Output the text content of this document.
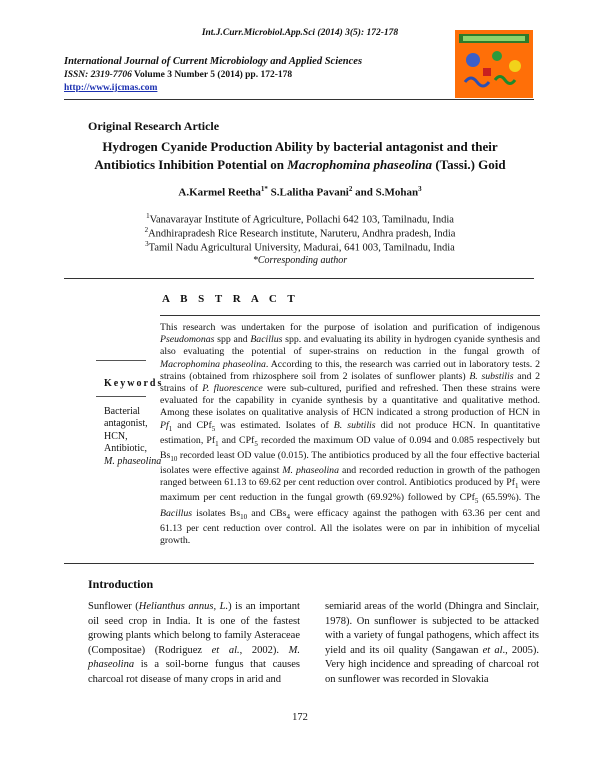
Int.J.Curr.Microbiol.App.Sci (2014) 3(5): 172-178
International Journal of Current Microbiology and Applied Sciences
ISSN: 2319-7706 Volume 3 Number 5 (2014) pp. 172-178
http://www.ijcmas.com
Original Research Article
Hydrogen Cyanide Production Ability by bacterial antagonist and their
Antibiotics Inhibition Potential on Macrophomina phaseolina (Tassi.) Goid
A.Karmel Reetha$^{1*}$ S.Lalitha Pavani$^2$ and S.Mohan$^3$
$^1$Vanavarayar Institute of Agriculture, Pollachi 642 103, Tamilnadu, India
$^2$Andhirapradesh Rice Research institute, Naruteru, Andhra pradesh, India
$^3$Tamil Nadu Agricultural University, Madurai, 641 003, Tamilnadu, India
*Corresponding author
A B S T R A C T
Keywords
Bacterial
antagonist,
HCN,
Antibiotic,
M. phaseolina
This research was undertaken for the purpose of isolation and purification of indigenous Pseudomonas spp and Bacillus spp. and evaluating its ability in hydrogen cyanide synthesis and also evaluating the potential of super-strains on reduction in the fungal growth of Macrophomina phaseolina. According to this, the research was carried out in laboratory tests. 2 strains (obtained from rhizosphere soil from 2 isolates of sunflower plants) B. substilis and 2 strains of P. fluorescence were sub-cultured, purified and refreshed. Then these strains were evaluated for the capability in cyanide synthesis by a quantitative and qualitative method. Among these isolates on qualitative analysis of HCN indicated a strong production of HCN in $Pf_1$ and CPf$_5$ was estimated. Isolates of B. subtilis did not produce HCN. In quantitative estimation, $Pf_1$ and CPf$_5$ recorded the maximum OD value of 0.094 and 0.085 respectively but $Bs_{10}$ recorded least OD value (0.015). The antibiotics produced by all the four effective bacterial isolates were effective against M. phaseolina and recorded reduction in growth of the pathogen ranged between 61.13 to 69.62 per cent reduction over control. Antibiotics produced by $Pf_1$ were maximum per cent reduction in the fungal growth (69.92%) followed by CPf$_5$ (65.59%). The Bacillus isolates $Bs_{10}$ and CBs$_4$ were efficacy against the pathogen with 63.36 per cent and 61.13 per cent reduction over control. All the isolates were on par in inhibition of mycelial growth.
Introduction
Sunflower (Helianthus annus, L.) is an important oil seed crop in India. It is one of the fastest growing plants which belong to family Asteraceae (Compositae) (Rodriguez et al., 2002). M. phaseolina is a soil-borne fungus that causes charcoal rot disease of many crops in arid and
semiarid areas of the world (Dhingra and Sinclair, 1978). On sunflower is subjected to be attacked with a variety of fungal pathogens, which affect its yield and its oil quality (Sangawan et al., 2005). Very high incidence and spreading of charcoal rot on sunflower was recorded in Slovakia
172
